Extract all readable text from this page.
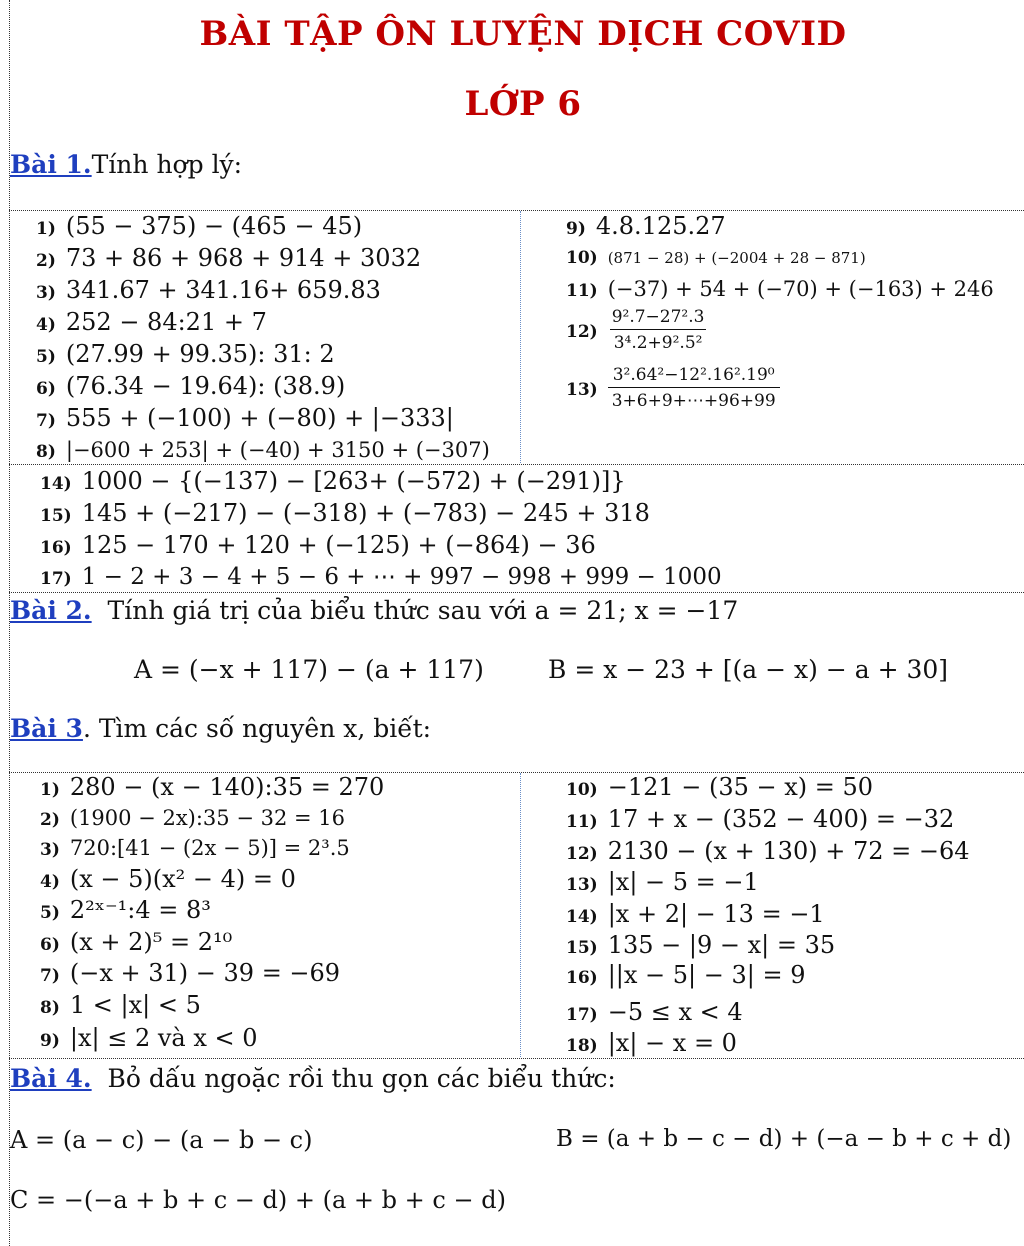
BÀI TẬP ÔN LUYỆN DỊCH COVID
LỚP 6
Bài 1.Tính hợp lý:
1) (55 − 375) − (465 − 45)
2) 73 + 86 + 968 + 914 + 3032
3) 341.67 + 341.16+ 659.83
4) 252 − 84:21 + 7
5) (27.99 + 99.35): 31: 2
6) (76.34 − 19.64): (38.9)
7) 555 + (−100) + (−80) + |−333|
8) |−600 + 253| + (−40) + 3150 + (−307)
9) 4.8.125.27
10) (871 − 28) + (−2004 + 28 − 871)
11) (−37) + 54 + (−70) + (−163) + 246
$12) \frac{\text{9².7−27².3}}{\text{3⁴.2+9².5²}}$
$13) \frac{\text{3².64²−12².16².19⁰}}{3+6+9+\cdots+96+99}$
14) 1000 − {(−137) − [263+ (−572) + (−291)]}
15) 145 + (−217) − (−318) + (−783) − 245 + 318
16) 125 − 170 + 120 + (−125) + (−864) − 36
17) 1 − 2 + 3 − 4 + 5 − 6 + ⋯ + 997 − 998 + 999 − 1000
Bài 2. Tính giá trị của biểu thức sau với a = 21; x = −17
A = (−x + 117) − (a + 117)	B = x − 23 + [(a − x) − a + 30]
Bài 3. Tìm các số nguyên x, biết:
1) 280 − (x − 140):35 = 270
2) (1900 − 2x):35 − 32 = 16
3) 720:[41 − (2x − 5)] = 2³.5
4) (x − 5)(x² − 4) = 0
5) 2²ˣ⁻¹:4 = 8³
6) (x + 2)⁵ = 2¹⁰
7) (−x + 31) − 39 = −69
8) 1 < |x| < 5
9) |x| ≤ 2 và x < 0
10) −121 − (35 − x) = 50
11) 17 + x − (352 − 400) = −32
12) 2130 − (x + 130) + 72 = −64
13) |x| − 5 = −1
14) |x + 2| − 13 = −1
15) 135 − |9 − x| = 35
16) ||x − 5| − 3| = 9
17) −5 ≤ x < 4
18) |x| − x = 0
Bài 4. Bỏ dấu ngoặc rồi thu gọn các biểu thức:
A = (a − c) − (a − b − c)	B = (a + b − c − d) + (−a − b + c + d)
C = −(−a + b + c − d) + (a + b + c − d)
